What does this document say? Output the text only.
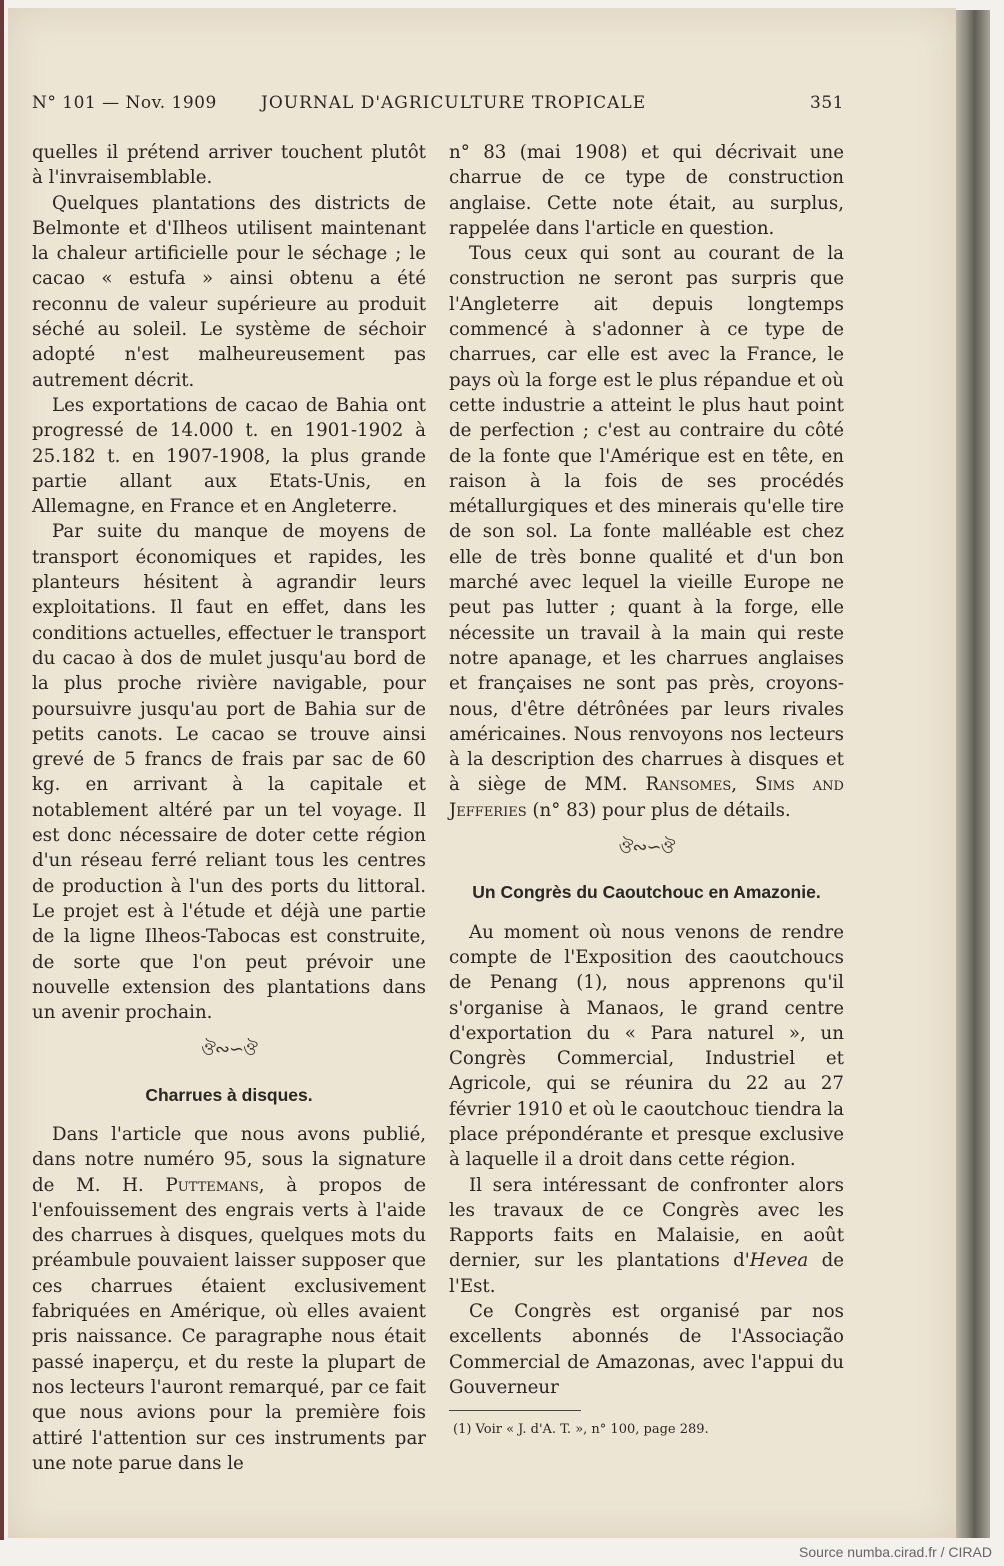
N° 101 — Nov. 1909	JOURNAL D'AGRICULTURE TROPICALE	351

quelles il prétend arriver touchent plutôt à l'invraisemblable.

Quelques plantations des districts de Belmonte et d'Ilheos utilisent maintenant la chaleur artificielle pour le séchage ; le cacao « estufa » ainsi obtenu a été reconnu de valeur supérieure au produit séché au soleil. Le système de séchoir adopté n'est malheureusement pas autrement décrit.

Les exportations de cacao de Bahia ont progressé de 14.000 t. en 1901-1902 à 25.182 t. en 1907-1908, la plus grande partie allant aux Etats-Unis, en Allemagne, en France et en Angleterre.

Par suite du manque de moyens de transport économiques et rapides, les planteurs hésitent à agrandir leurs exploitations. Il faut en effet, dans les conditions actuelles, effectuer le transport du cacao à dos de mulet jusqu'au bord de la plus proche rivière navigable, pour poursuivre jusqu'au port de Bahia sur de petits canots. Le cacao se trouve ainsi grevé de 5 francs de frais par sac de 60 kg. en arrivant à la capitale et notablement altéré par un tel voyage. Il est donc nécessaire de doter cette région d'un réseau ferré reliant tous les centres de production à l'un des ports du littoral. Le projet est à l'étude et déjà une partie de la ligne Ilheos-Tabocas est construite, de sorte que l'on peut prévoir une nouvelle extension des plantations dans un avenir prochain.

ঔ∾∽ঔ
Charrues à disques.

Dans l'article que nous avons publié, dans notre numéro 95, sous la signature de M. H. Puttemans, à propos de l'enfouissement des engrais verts à l'aide des charrues à disques, quelques mots du préambule pouvaient laisser supposer que ces charrues étaient exclusivement fabriquées en Amérique, où elles avaient pris naissance. Ce paragraphe nous était passé inaperçu, et du reste la plupart de nos lecteurs l'auront remarqué, par ce fait que nous avions pour la première fois attiré l'attention sur ces instruments par une note parue dans le

n° 83 (mai 1908) et qui décrivait une charrue de ce type de construction anglaise. Cette note était, au surplus, rappelée dans l'article en question.

Tous ceux qui sont au courant de la construction ne seront pas surpris que l'Angleterre ait depuis longtemps commencé à s'adonner à ce type de charrues, car elle est avec la France, le pays où la forge est le plus répandue et où cette industrie a atteint le plus haut point de perfection ; c'est au contraire du côté de la fonte que l'Amérique est en tête, en raison à la fois de ses procédés métallurgiques et des minerais qu'elle tire de son sol. La fonte malléable est chez elle de très bonne qualité et d'un bon marché avec lequel la vieille Europe ne peut pas lutter ; quant à la forge, elle nécessite un travail à la main qui reste notre apanage, et les charrues anglaises et françaises ne sont pas près, croyons-nous, d'être détrônées par leurs rivales américaines. Nous renvoyons nos lecteurs à la description des charrues à disques et à siège de MM. Ransomes, Sims and Jefferies (n° 83) pour plus de détails.

ঔ∾∽ঔ
Un Congrès du Caoutchouc en Amazonie.

Au moment où nous venons de rendre compte de l'Exposition des caoutchoucs de Penang (1), nous apprenons qu'il s'organise à Manaos, le grand centre d'exportation du « Para naturel », un Congrès Commercial, Industriel et Agricole, qui se réunira du 22 au 27 février 1910 et où le caoutchouc tiendra la place prépondérante et presque exclusive à laquelle il a droit dans cette région.

Il sera intéressant de confronter alors les travaux de ce Congrès avec les Rapports faits en Malaisie, en août dernier, sur les plantations d'Hevea de l'Est.

Ce Congrès est organisé par nos excellents abonnés de l'Associação Commercial de Amazonas, avec l'appui du Gouverneur

(1) Voir « J. d'A. T. », n° 100, page 289.
Source numba.cirad.fr / CIRAD
